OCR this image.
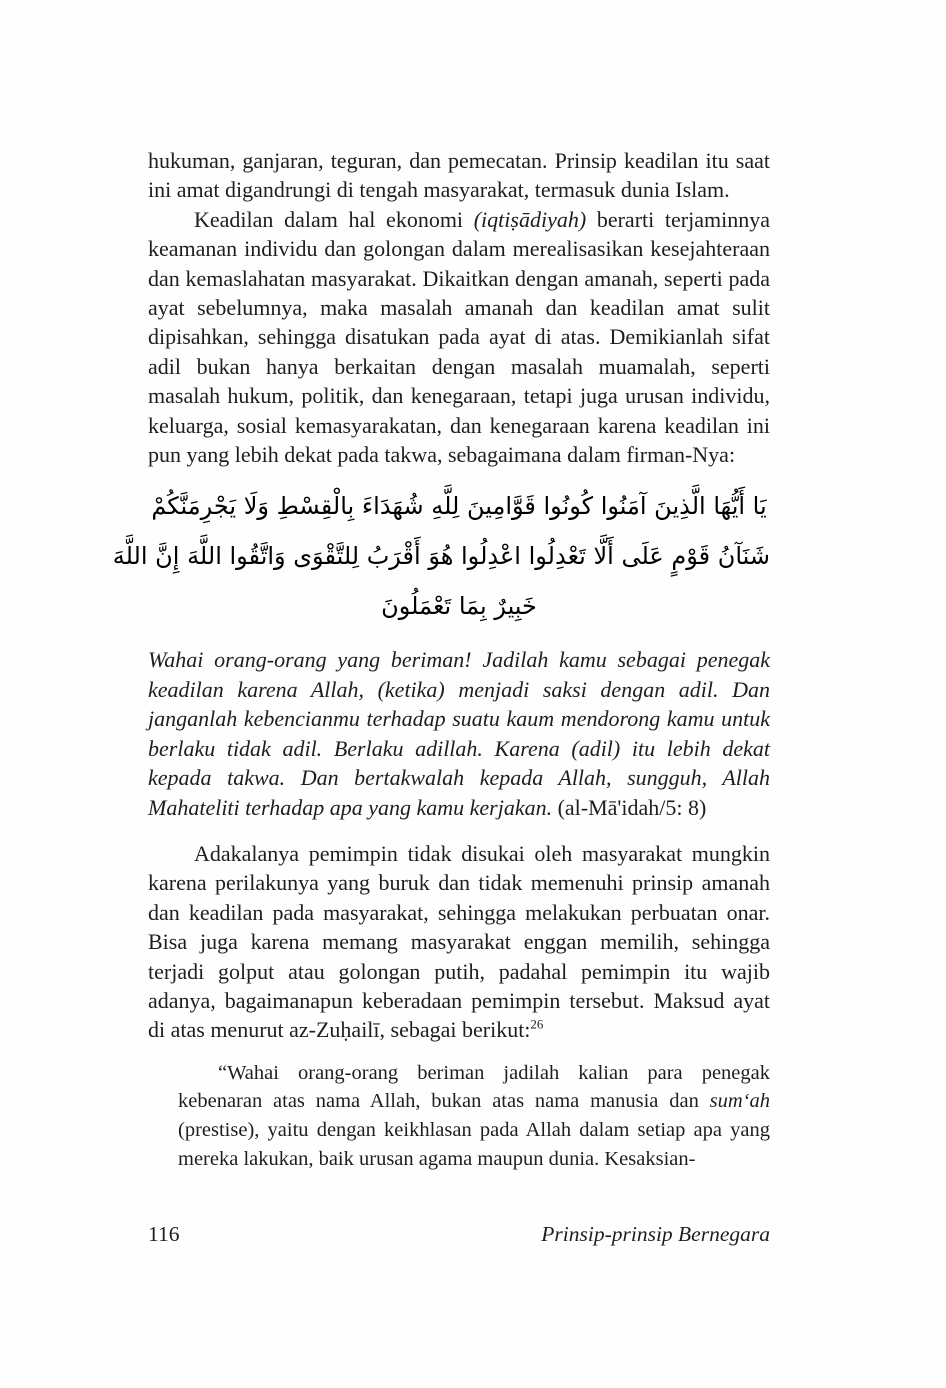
hukuman, ganjaran, teguran, dan pemecatan. Prinsip keadilan itu saat ini amat digandrungi di tengah masyarakat, termasuk dunia Islam.

Keadilan dalam hal ekonomi (iqtiṣādiyah) berarti terjaminnya keamanan individu dan golongan dalam merealisasikan kesejahteraan dan kemaslahatan masyarakat. Dikaitkan dengan amanah, seperti pada ayat sebelumnya, maka masalah amanah dan keadilan amat sulit dipisahkan, sehingga disatukan pada ayat di atas. Demikianlah sifat adil bukan hanya berkaitan dengan masalah muamalah, seperti masalah hukum, politik, dan kenegaraan, tetapi juga urusan individu, keluarga, sosial kemasyarakatan, dan kenegaraan karena keadilan ini pun yang lebih dekat pada takwa, sebagaimana dalam firman-Nya:

يَا أَيُّهَا الَّذِينَ آمَنُوا كُونُوا قَوَّامِينَ لِلَّهِ شُهَدَاءَ بِالْقِسْطِ وَلَا يَجْرِمَنَّكُمْ
شَنَآنُ قَوْمٍ عَلَى أَلَّا تَعْدِلُوا اعْدِلُوا هُوَ أَقْرَبُ لِلتَّقْوَى وَاتَّقُوا اللَّهَ إِنَّ اللَّهَ
خَبِيرٌ بِمَا تَعْمَلُونَ

Wahai orang-orang yang beriman! Jadilah kamu sebagai penegak keadilan karena Allah, (ketika) menjadi saksi dengan adil. Dan janganlah kebencianmu terhadap suatu kaum mendorong kamu untuk berlaku tidak adil. Berlaku adillah. Karena (adil) itu lebih dekat kepada takwa. Dan bertakwalah kepada Allah, sungguh, Allah Mahateliti terhadap apa yang kamu kerjakan. (al-Mā'idah/5: 8)

Adakalanya pemimpin tidak disukai oleh masyarakat mungkin karena perilakunya yang buruk dan tidak memenuhi prinsip amanah dan keadilan pada masyarakat, sehingga melakukan perbuatan onar. Bisa juga karena memang masyarakat enggan memilih, sehingga terjadi golput atau golongan putih, padahal pemimpin itu wajib adanya, bagaimanapun keberadaan pemimpin tersebut. Maksud ayat di atas menurut az-Zuḥailī, sebagai berikut:$^{26}$

“Wahai orang-orang beriman jadilah kalian para penegak kebenaran atas nama Allah, bukan atas nama manusia dan sum‘ah (prestise), yaitu dengan keikhlasan pada Allah dalam setiap apa yang mereka lakukan, baik urusan agama maupun dunia. Kesaksian-

116	Prinsip-prinsip Bernegara
